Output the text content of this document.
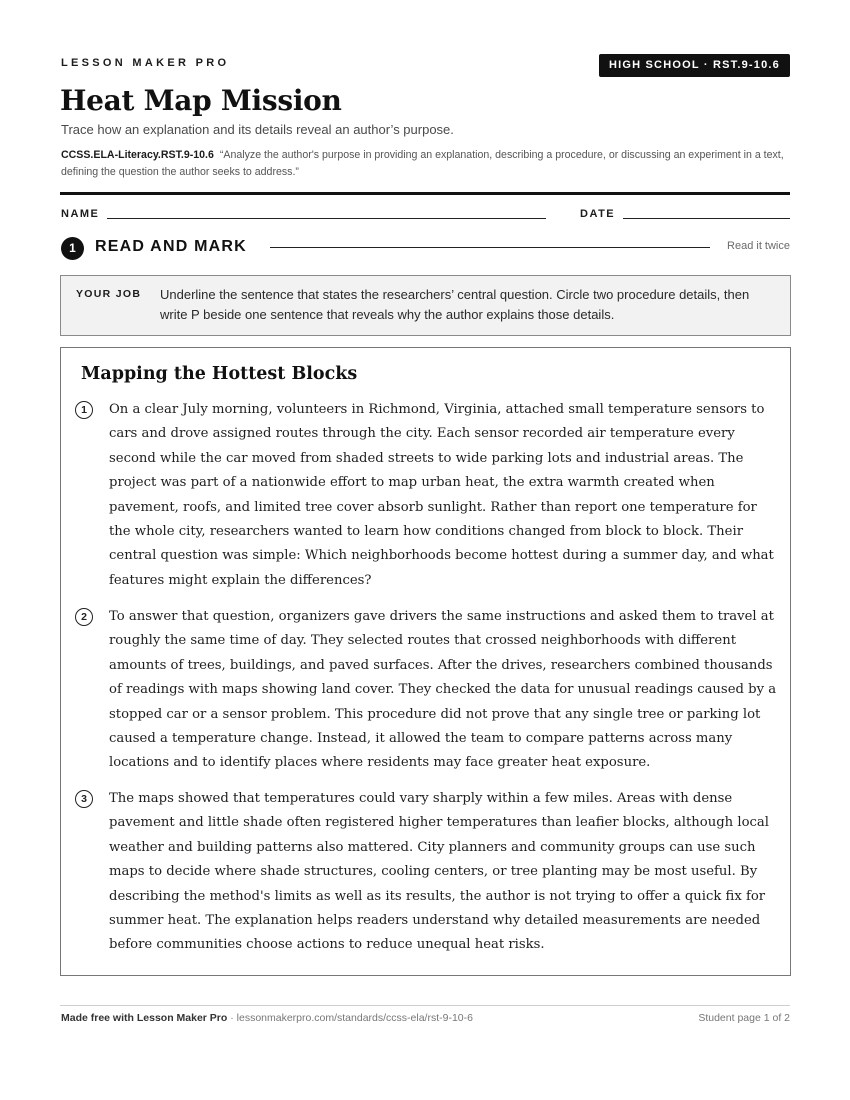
LESSON MAKER PRO	HIGH SCHOOL · RST.9-10.6
Heat Map Mission
Trace how an explanation and its details reveal an author’s purpose.
CCSS.ELA-Literacy.RST.9-10.6 “Analyze the author's purpose in providing an explanation, describing a procedure, or discussing an experiment in a text, defining the question the author seeks to address.”
NAME	DATE
1	READ AND MARK	Read it twice
YOUR JOB Underline the sentence that states the researchers’ central question. Circle two procedure details, then write P beside one sentence that reveals why the author explains those details.
Mapping the Hottest Blocks
1	On a clear July morning, volunteers in Richmond, Virginia, attached small temperature sensors to cars and drove assigned routes through the city. Each sensor recorded air temperature every second while the car moved from shaded streets to wide parking lots and industrial areas. The project was part of a nationwide effort to map urban heat, the extra warmth created when pavement, roofs, and limited tree cover absorb sunlight. Rather than report one temperature for the whole city, researchers wanted to learn how conditions changed from block to block. Their central question was simple: Which neighborhoods become hottest during a summer day, and what features might explain the differences?
2	To answer that question, organizers gave drivers the same instructions and asked them to travel at roughly the same time of day. They selected routes that crossed neighborhoods with different amounts of trees, buildings, and paved surfaces. After the drives, researchers combined thousands of readings with maps showing land cover. They checked the data for unusual readings caused by a stopped car or a sensor problem. This procedure did not prove that any single tree or parking lot caused a temperature change. Instead, it allowed the team to compare patterns across many locations and to identify places where residents may face greater heat exposure.
3	The maps showed that temperatures could vary sharply within a few miles. Areas with dense pavement and little shade often registered higher temperatures than leafier blocks, although local weather and building patterns also mattered. City planners and community groups can use such maps to decide where shade structures, cooling centers, or tree planting may be most useful. By describing the method's limits as well as its results, the author is not trying to offer a quick fix for summer heat. The explanation helps readers understand why detailed measurements are needed before communities choose actions to reduce unequal heat risks.
Made free with Lesson Maker Pro · lessonmakerpro.com/standards/ccss-ela/rst-9-10-6	Student page 1 of 2
